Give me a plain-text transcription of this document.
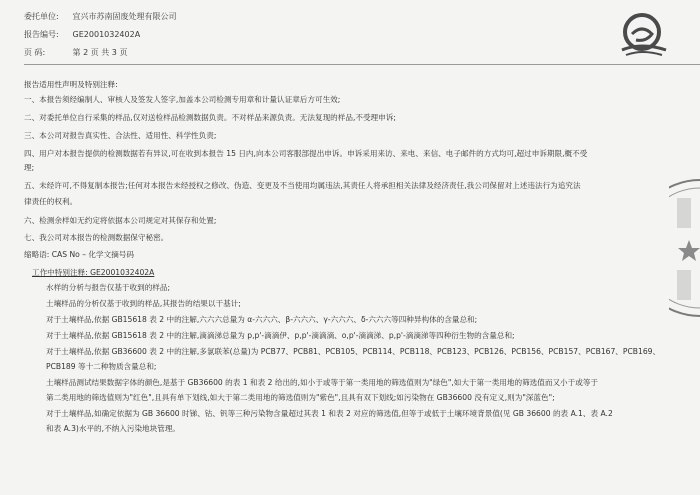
委托单位: 宜兴市苏南固废处理有限公司
报告编号: GE2001032402A
页 码:	第 2 页 共 3 页
报告适用性声明及特别注释:
一、本报告须经编制人、审核人及签发人签字,加盖本公司检测专用章和计量认证章后方可生效;
二、对委托单位自行采集的样品,仅对送检样品检测数据负责。不对样品来源负责。无法复现的样品,不受理申诉;
三、本公司对报告真实性、合法性、适用性、科学性负责;
四、用户对本报告提供的检测数据若有异议,可在收到本报告 15 日内,向本公司客服部提出申诉。申诉采用来访、来电、来信、电子邮件的方式均可,超过申诉期限,概不受
理;
五、未经许可,不得复制本报告;任何对本报告未经授权之修改、伪造、变更及不当使用均属违法,其责任人将承担相关法律及经济责任,我公司保留对上述违法行为追究法
律责任的权利。
六、检测余样如无约定将依据本公司规定对其保存和处置;
七、我公司对本报告的检测数据保守秘密。
缩略语: CAS No – 化学文摘号码
工作中特别注释: GE2001032402A
水样的分析与报告仅基于收到的样品;
土壤样品的分析仅基于收到的样品,其报告的结果以干基计;
对于土壤样品,依据 GB15618 表 2 中的注解,六六六总量为 α-六六六、β-六六六、γ-六六六、δ-六六六等四种异构体的含量总和;
对于土壤样品,依据 GB15618 表 2 中的注解,滴滴涕总量为 p,p'-滴滴伊、p,p'-滴滴滴、o,p'-滴滴涕、p,p'-滴滴涕等四种衍生物的含量总和;
对于土壤样品,依据 GB36600 表 2 中的注解,多氯联苯(总量)为 PCB77、PCB81、PCB105、PCB114、PCB118、PCB123、PCB126、PCB156、PCB157、PCB167、PCB169、
PCB189 等十二种物质含量总和;
土壤样品测试结果数据字体的颜色,是基于 GB36600 的表 1 和表 2 给出的,如小于或等于第一类用地的筛选值则为"绿色",如大于第一类用地的筛选值而又小于或等于
第二类用地的筛选值则为"红色",且具有单下划线,如大于第二类用地的筛选值则为"紫色",且具有双下划线;如污染物在 GB36600 没有定义,则为"深蓝色";
对于土壤样品,如确定依据为 GB 36600 时锑、钴、钒等三种污染物含量超过其表 1 和表 2 对应的筛选值,但等于或低于土壤环境背景值(见 GB 36600 的表 A.1、表 A.2
和表 A.3)水平的,不纳入污染地块管理。
